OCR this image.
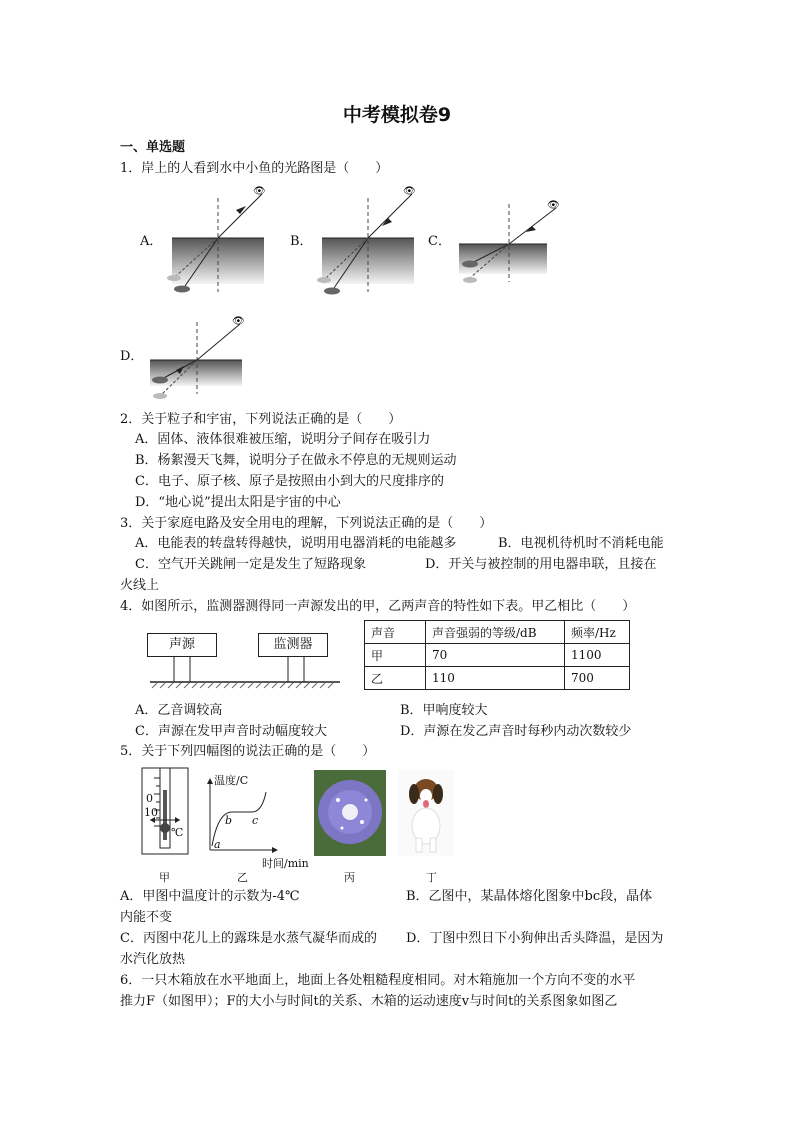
中考模拟卷9
一、单选题
1．岸上的人看到水中小鱼的光路图是（　　）
A．	B．	C．
D．
👁	👁
👁
👁
2．关于粒子和宇宙，下列说法正确的是（　　）
A．固体、液体很难被压缩，说明分子间存在吸引力
B．杨絮漫天飞舞，说明分子在做永不停息的无规则运动
C．电子、原子核、原子是按照由小到大的尺度排序的
D．“地心说”提出太阳是宇宙的中心
3．关于家庭电路及安全用电的理解，下列说法正确的是（　　）
A．电能表的转盘转得越快，说明用电器消耗的电能越多	B．电视机待机时不消耗电能
C．空气开关跳闸一定是发生了短路现象	D．开关与被控制的用电器串联，且接在
火线上
4．如图所示，监测器测得同一声源发出的甲，乙两声音的特性如下表。甲乙相比（　　）
声源	监测器
声音	声音强弱的等级/dB	频率/Hz
甲	70	1100
乙	110	700
A．乙音调较高	B．甲响度较大
C．声源在发甲声音时动幅度较大	D．声源在发乙声音时每秒内动次数较少
5．关于下列四幅图的说法正确的是（　　）
0
10
℃
温度/C
时间/min
a
b c
甲	乙	丙	丁
A．甲图中温度计的示数为-4℃	B．乙图中，某晶体熔化图象中bc段，晶体
内能不变
C．丙图中花儿上的露珠是水蒸气凝华而成的 D．丁图中烈日下小狗伸出舌头降温，是因为
水汽化放热
6．一只木箱放在水平地面上，地面上各处粗糙程度相同。对木箱施加一个方向不变的水平
推力F（如图甲）；F的大小与时间t的关系、木箱的运动速度v与时间t的关系图象如图乙
